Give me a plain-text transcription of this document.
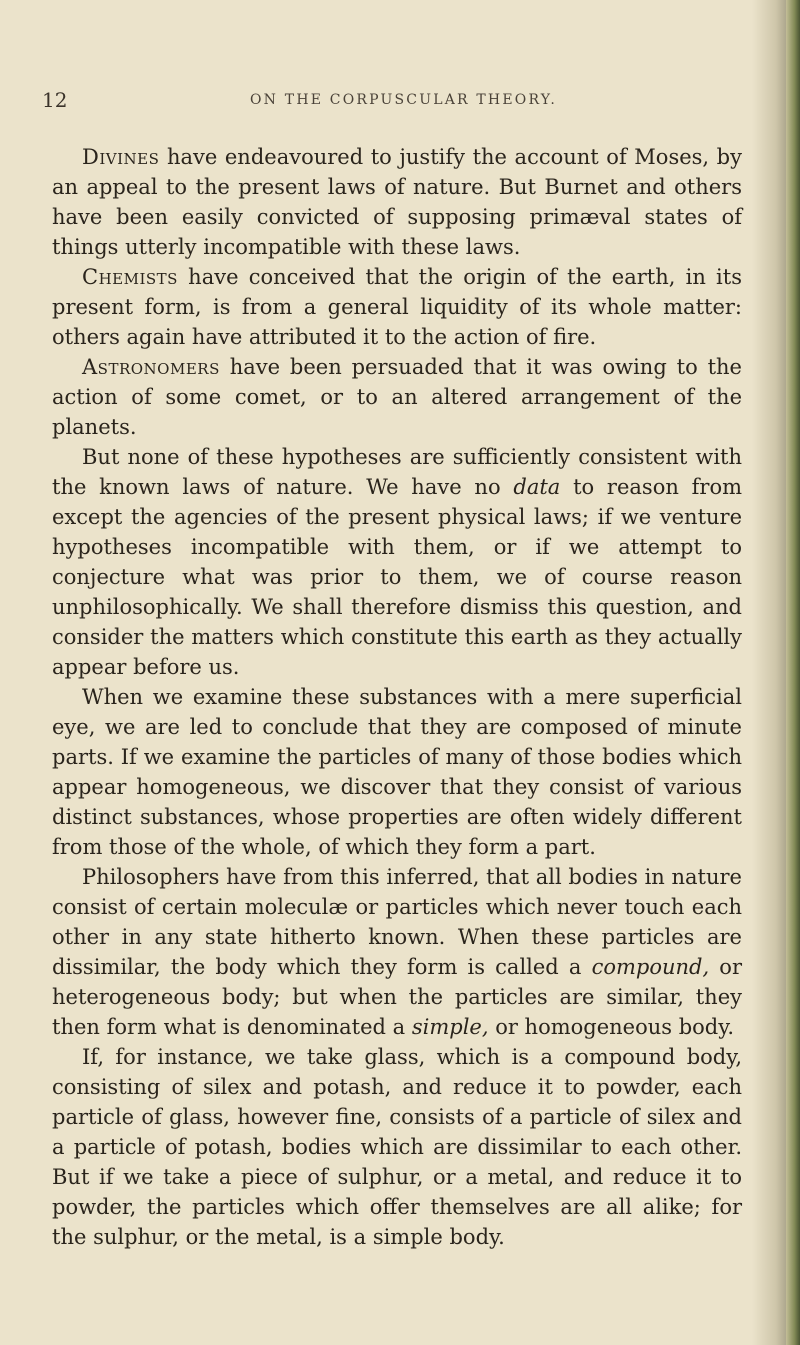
12	ON THE CORPUSCULAR THEORY.

Divines have endeavoured to justify the account of Moses, by an appeal to the present laws of nature. But Burnet and others have been easily convicted of supposing primæval states of things utterly incompatible with these laws.

Chemists have conceived that the origin of the earth, in its present form, is from a general liquidity of its whole matter: others again have attributed it to the action of fire.

Astronomers have been persuaded that it was owing to the action of some comet, or to an altered arrangement of the planets.

But none of these hypotheses are sufficiently consistent with the known laws of nature. We have no data to reason from except the agencies of the present physical laws; if we venture hypotheses incompatible with them, or if we attempt to conjecture what was prior to them, we of course reason unphilosophically. We shall therefore dismiss this question, and consider the matters which constitute this earth as they actually appear before us.

When we examine these substances with a mere superficial eye, we are led to conclude that they are composed of minute parts. If we examine the particles of many of those bodies which appear homogeneous, we discover that they consist of various distinct substances, whose properties are often widely different from those of the whole, of which they form a part.

Philosophers have from this inferred, that all bodies in nature consist of certain moleculæ or particles which never touch each other in any state hitherto known. When these particles are dissimilar, the body which they form is called a compound, or heterogeneous body; but when the particles are similar, they then form what is denominated a simple, or homogeneous body.

If, for instance, we take glass, which is a compound body, consisting of silex and potash, and reduce it to powder, each particle of glass, however fine, consists of a particle of silex and a particle of potash, bodies which are dissimilar to each other. But if we take a piece of sulphur, or a metal, and reduce it to powder, the particles which offer themselves are all alike; for the sulphur, or the metal, is a simple body.
